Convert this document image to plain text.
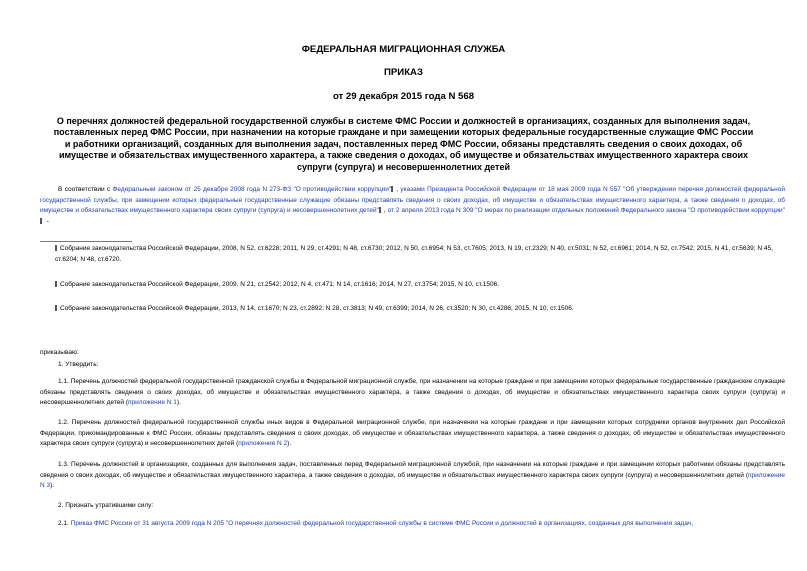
ФЕДЕРАЛЬНАЯ МИГРАЦИОННАЯ СЛУЖБА
ПРИКАЗ
от 29 декабря 2015 года N 568
О перечнях должностей федеральной государственной службы в системе ФМС России и должностей в организациях, созданных для выполнения задач, поставленных перед ФМС России, при назначении на которые граждане и при замещении которых федеральные государственные служащие ФМС России и работники организаций, созданных для выполнения задач, поставленных перед ФМС России, обязаны представлять сведения о своих доходах, об имуществе и обязательствах имущественного характера, а также сведения о доходах, об имуществе и обязательствах имущественного характера своих супруги (супруга) и несовершеннолетних детей
В соответствии с Федеральным законом от 25 декабря 2008 года N 273-ФЗ "О противодействии коррупции" , указами Президента Российской Федерации от 18 мая 2009 года N 557 "Об утверждении перечня должностей федеральной государственной службы, при замещении которых федеральные государственные служащие обязаны представлять сведения о своих доходах, об имуществе и обязательствах имущественного характера, а также сведения о доходах, об имуществе и обязательствах имущественного характера своих супруги (супруга) и несовершеннолетних детей" , от 2 апреля 2013 года N 309 "О мерах по реализации отдельных положений Федерального закона "О противодействии коррупции" -
Собрание законодательства Российской Федерации, 2008, N 52, ст.6228; 2011, N 29, ст.4291; N 48, ст.6730; 2012, N 50, ст.6954; N 53, ст.7605; 2013, N 19, ст.2329; N 40, ст.5031; N 52, ст.6961; 2014, N 52, ст.7542; 2015, N 41, ст.5639; N 45, ст.6204; N 48, ст.6720.
Собрание законодательства Российской Федерации, 2009, N 21, ст.2542; 2012, N 4, ст.471; N 14, ст.1616; 2014, N 27, ст.3754; 2015, N 10, ст.1506.
Собрание законодательства Российской Федерации, 2013, N 14, ст.1670; N 23, ст.2892; N 28, ст.3813; N 49, ст.6399; 2014, N 26, ст.3520; N 30, ст.4286; 2015, N 10, ст.1506.
приказываю:
1. Утвердить:
1.1. Перечень должностей федеральной государственной гражданской службы в Федеральной миграционной службе, при назначении на которые граждане и при замещении которых федеральные государственные гражданские служащие обязаны представлять сведения о своих доходах, об имуществе и обязательствах имущественного характера, а также сведения о доходах, об имуществе и обязательствах имущественного характера своих супруги (супруга) и несовершеннолетних детей (приложение N 1).
1.2. Перечень должностей федеральной государственной службы иных видов в Федеральной миграционной службе, при назначении на которые граждане и при замещении которых сотрудники органов внутренних дел Российской Федерации, прикомандированные к ФМС России, обязаны представлять сведения о своих доходах, об имуществе и обязательствах имущественного характера, а также сведения о доходах, об имуществе и обязательствах имущественного характера своих супруги (супруга) и несовершеннолетних детей (приложение N 2).
1.3. Перечень должностей в организациях, созданных для выполнения задач, поставленных перед Федеральной миграционной службой, при назначении на которые граждане и при замещении которых работники обязаны представлять сведения о своих доходах, об имуществе и обязательствах имущественного характера, а также сведения о доходах, об имуществе и обязательствах имущественного характера своих супруги (супруга) и несовершеннолетних детей (приложение N 3).
2. Признать утратившими силу:
2.1. Приказ ФМС России от 31 августа 2009 года N 205 "О перечнях должностей федеральной государственной службы в системе ФМС России и должностей в организациях, созданных для выполнения задач,
